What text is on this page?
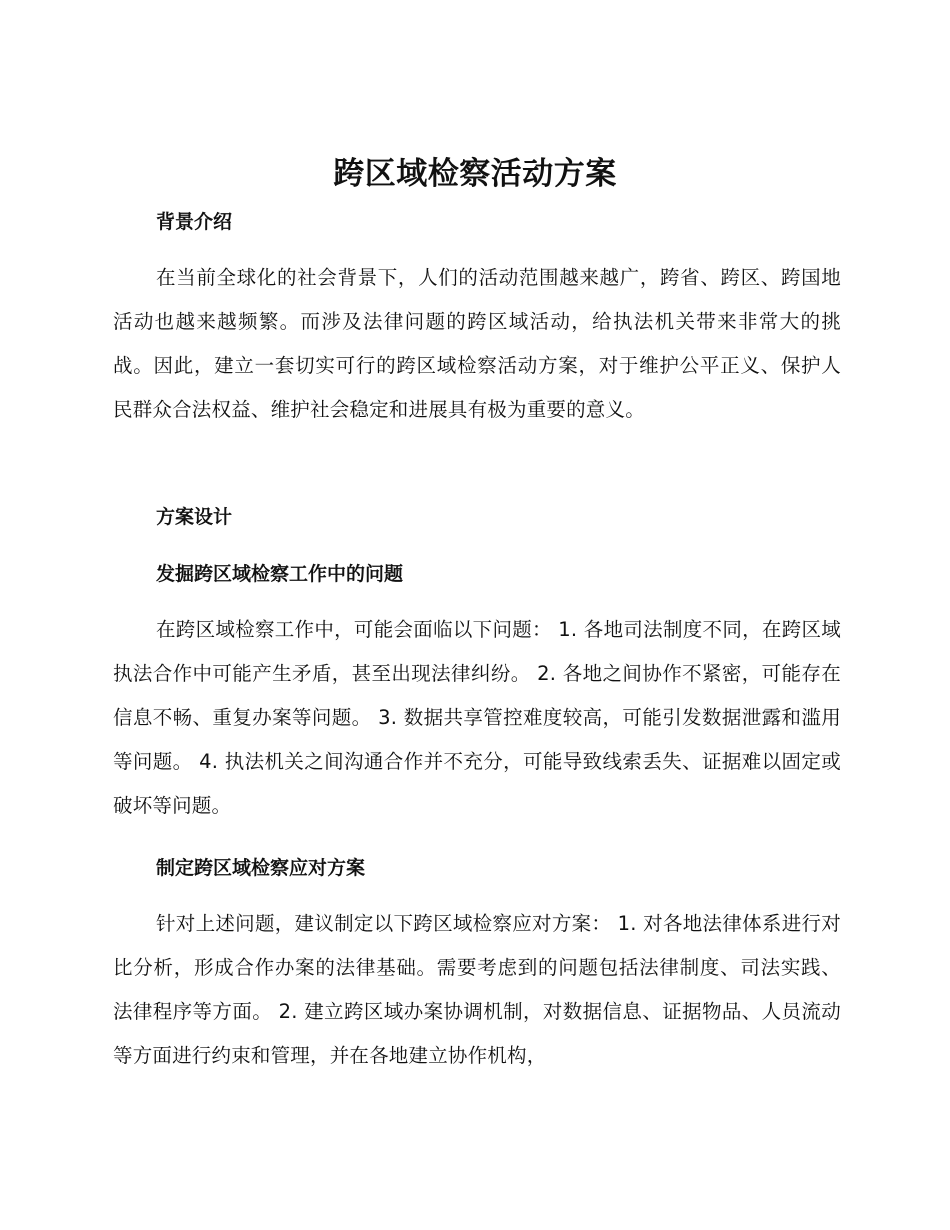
跨区域检察活动方案
背景介绍
在当前全球化的社会背景下，人们的活动范围越来越广，跨省、跨区、跨国地活动也越来越频繁。而涉及法律问题的跨区域活动，给执法机关带来非常大的挑战。因此，建立一套切实可行的跨区域检察活动方案，对于维护公平正义、保护人民群众合法权益、维护社会稳定和进展具有极为重要的意义。
方案设计
发掘跨区域检察工作中的问题
在跨区域检察工作中，可能会面临以下问题： 1. 各地司法制度不同，在跨区域执法合作中可能产生矛盾，甚至出现法律纠纷。 2. 各地之间协作不紧密，可能存在信息不畅、重复办案等问题。 3. 数据共享管控难度较高，可能引发数据泄露和滥用等问题。 4. 执法机关之间沟通合作并不充分，可能导致线索丢失、证据难以固定或破坏等问题。
制定跨区域检察应对方案
针对上述问题，建议制定以下跨区域检察应对方案： 1. 对各地法律体系进行对比分析，形成合作办案的法律基础。需要考虑到的问题包括法律制度、司法实践、法律程序等方面。 2. 建立跨区域办案协调机制，对数据信息、证据物品、人员流动等方面进行约束和管理，并在各地建立协作机构，
